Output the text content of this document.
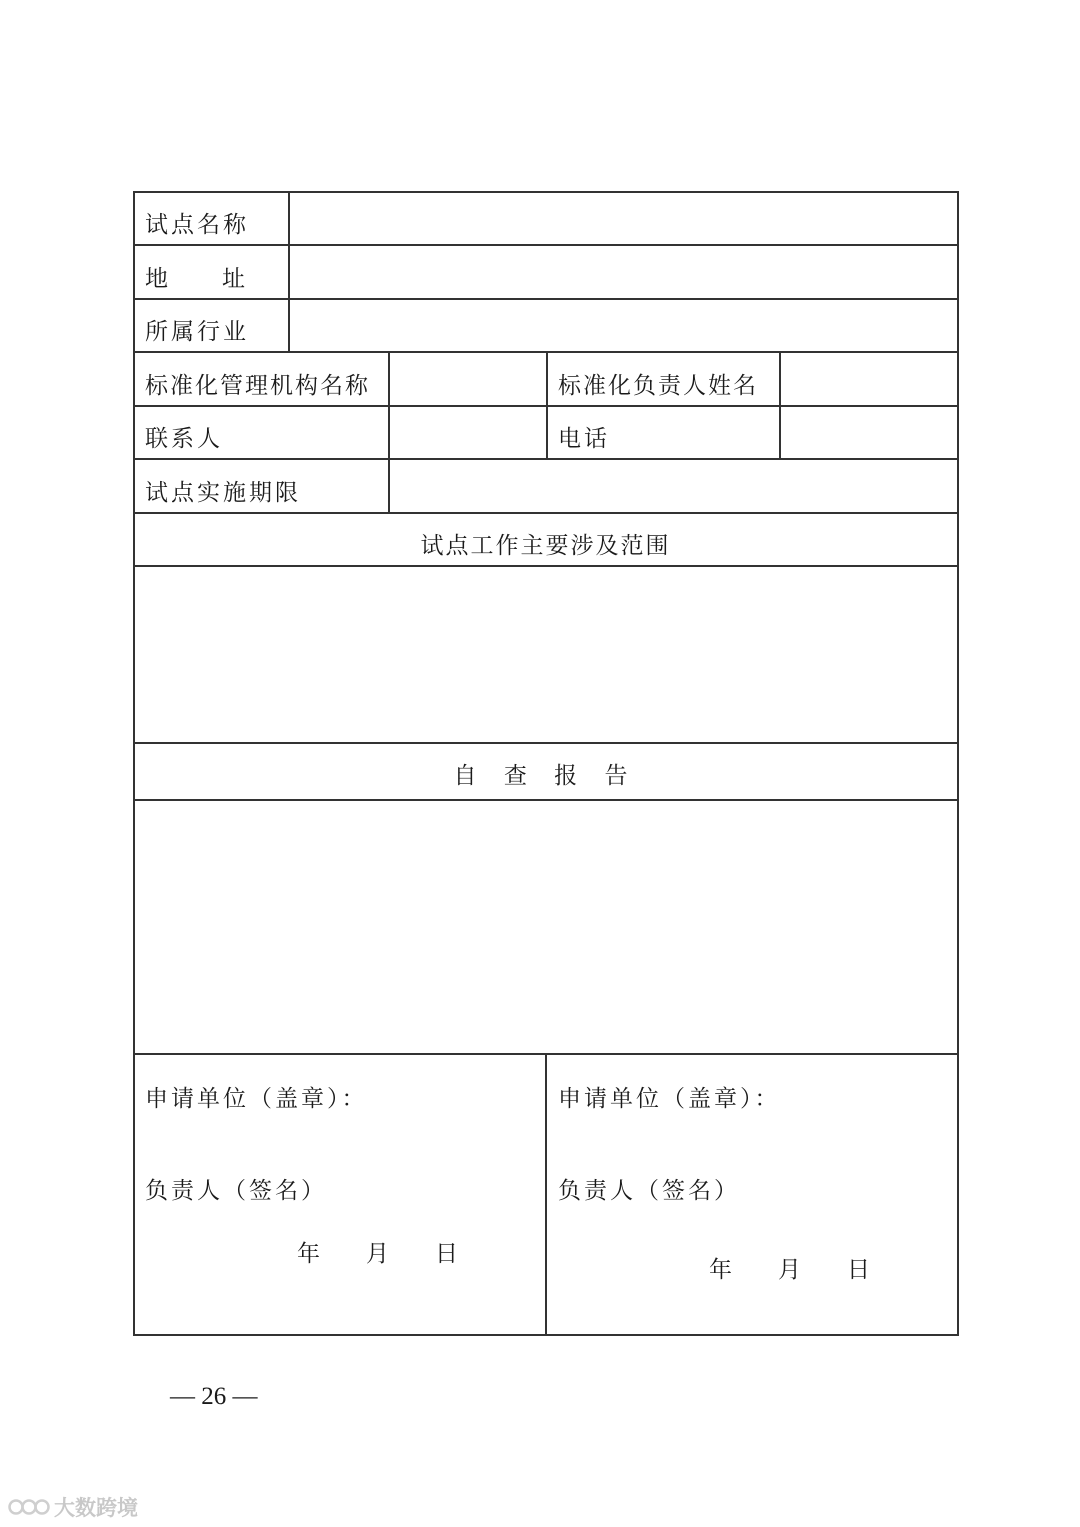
试点名称
地 址
所属行业
标准化管理机构名称	标准化负责人姓名
联系人	电话
试点实施期限
试点工作主要涉及范围
自 查 报 告
申请单位（盖章）：
负责人（签名）
年　　月　　日
申请单位（盖章）：
负责人（签名）
年　　月　　日
— 26 —
大数跨境
